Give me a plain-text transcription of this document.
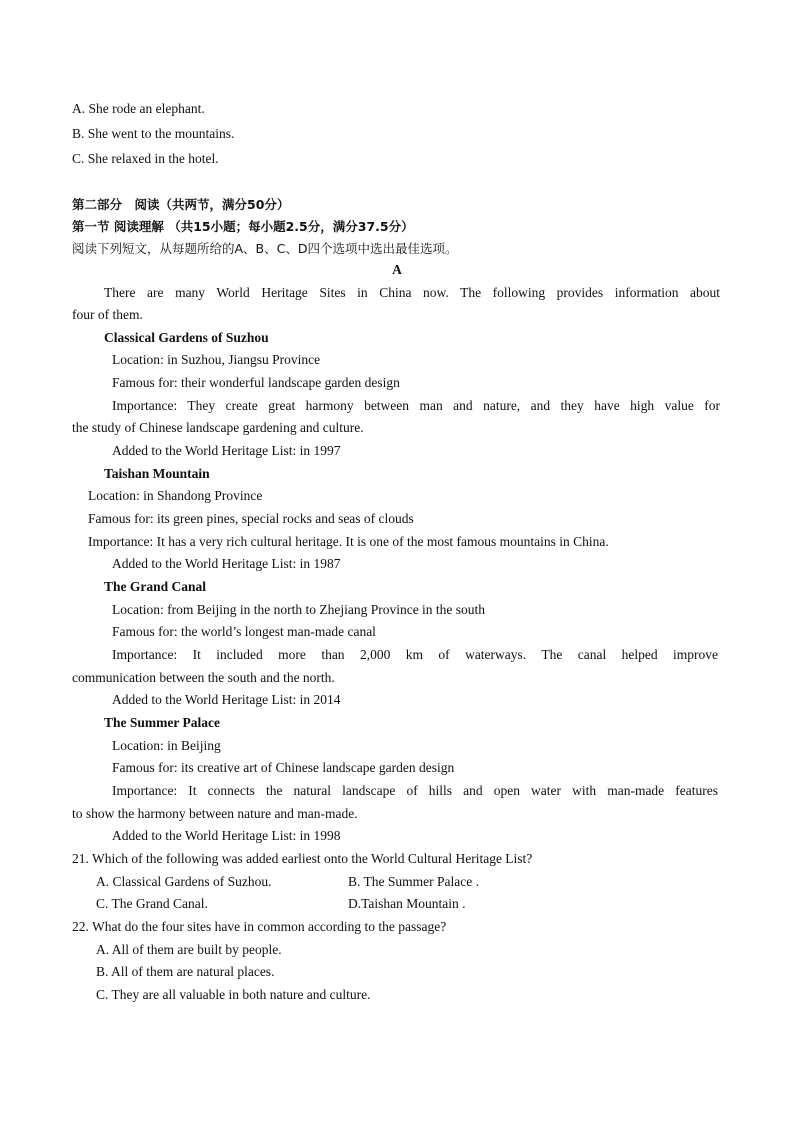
A. She rode an elephant.
B. She went to the mountains.
C. She relaxed in the hotel.
第二部分　阅读（共两节，满分50分）
第一节 阅读理解 （共15小题；每小题2.5分，满分37.5分）
阅读下列短文，从每题所给的A、B、C、D四个选项中选出最佳选项。
A
There are many World Heritage Sites in China now. The following provides information about
four of them.
Classical Gardens of Suzhou
Location: in Suzhou, Jiangsu Province
Famous for: their wonderful landscape garden design
Importance: They create great harmony between man and nature, and they have high value for
the study of Chinese landscape gardening and culture.
Added to the World Heritage List: in 1997
Taishan Mountain
Location: in Shandong Province
Famous for: its green pines, special rocks and seas of clouds
Importance: It has a very rich cultural heritage. It is one of the most famous mountains in China.
Added to the World Heritage List: in 1987
The Grand Canal
Location: from Beijing in the north to Zhejiang Province in the south
Famous for: the world’s longest man-made canal
Importance: It included more than 2,000 km of waterways. The canal helped improve
communication between the south and the north.
Added to the World Heritage List: in 2014
The Summer Palace
Location: in Beijing
Famous for: its creative art of Chinese landscape garden design
Importance: It connects the natural landscape of hills and open water with man-made features
to show the harmony between nature and man-made.
Added to the World Heritage List: in 1998
21. Which of the following was added earliest onto the World Cultural Heritage List?
A. Classical Gardens of Suzhou.	B. The Summer Palace .
C. The Grand Canal.	D.Taishan Mountain .
22. What do the four sites have in common according to the passage?
A. All of them are built by people.
B. All of them are natural places.
C. They are all valuable in both nature and culture.
